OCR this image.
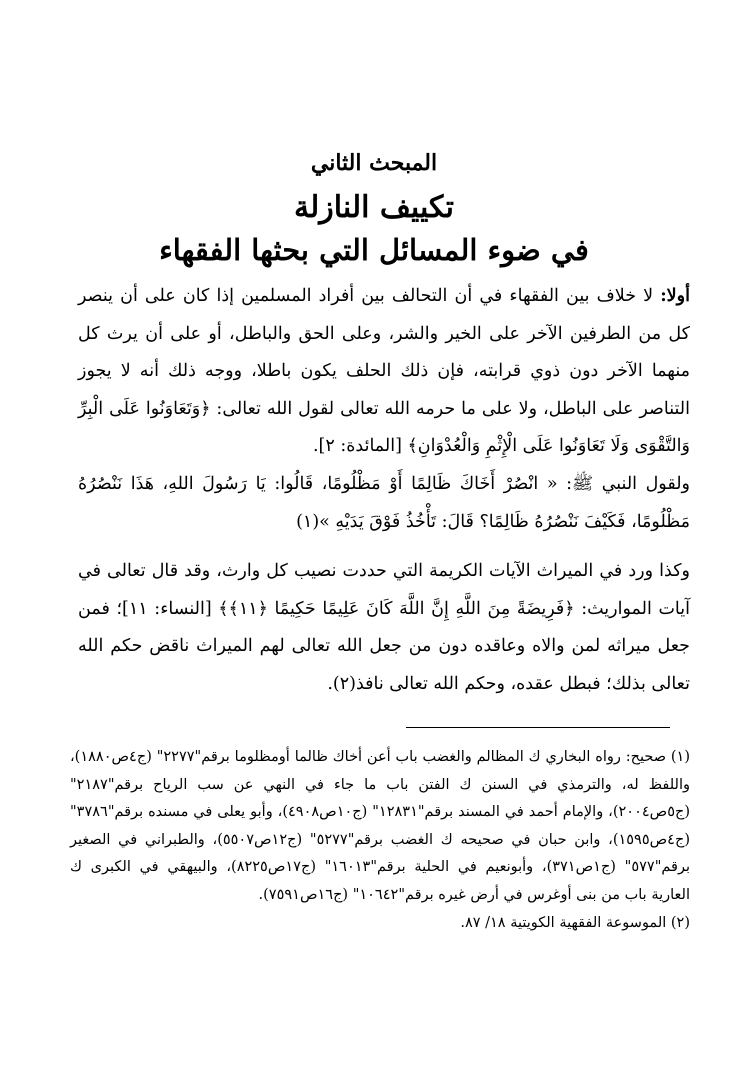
المبحث الثاني
تكييف النازلة
في ضوء المسائل التي بحثها الفقهاء

أولا: لا خلاف بين الفقهاء في أن التحالف بين أفراد المسلمين إذا كان على أن ينصر كل من الطرفين الآخر على الخير والشر، وعلى الحق والباطل، أو على أن يرث كل منهما الآخر دون ذوي قرابته، فإن ذلك الحلف يكون باطلا، ووجه ذلك أنه لا يجوز التناصر على الباطل، ولا على ما حرمه الله تعالى لقول الله تعالى: ﴿وَتَعَاوَنُوا عَلَى الْبِرِّ وَالتَّقْوَى وَلَا تَعَاوَنُوا عَلَى الْإِثْمِ وَالْعُدْوَانِ﴾ [المائدة: ٢].

ولقول النبي ﷺ: « انْصُرْ أَخَاكَ ظَالِمًا أَوْ مَظْلُومًا، قَالُوا: يَا رَسُولَ اللهِ، هَذَا نَنْصُرُهُ مَظْلُومًا، فَكَيْفَ نَنْصُرُهُ ظَالِمًا؟ قَالَ: تَأْخُذُ فَوْقَ يَدَيْهِ »(١)

وكذا ورد في الميراث الآيات الكريمة التي حددت نصيب كل وارث، وقد قال تعالى في آيات المواريث: ﴿فَرِيضَةً مِنَ اللَّهِ إِنَّ اللَّهَ كَانَ عَلِيمًا حَكِيمًا ﴿١١﴾﴾ [النساء: ١١]؛ فمن جعل ميراثه لمن والاه وعاقده دون من جعل الله تعالى لهم الميراث ناقض حكم الله تعالى بذلك؛ فبطل عقده، وحكم الله تعالى نافذ(٢).

(١) صحيح: رواه البخاري ك المظالم والغضب باب أعن أخاك ظالما أومظلوما برقم"٢٢٧٧" (ج٤ص١٨٨٠)، واللفظ له، والترمذي في السنن ك الفتن باب ما جاء في النهي عن سب الرياح برقم"٢١٨٧" (ج٥ص٢٠٠٤)، والإمام أحمد في المسند برقم"١٢٨٣١" (ج١٠ص٤٩٠٨)، وأبو يعلى في مسنده برقم"٣٧٨٦" (ج٤ص١٥٩٥)، وابن حبان في صحيحه ك الغضب برقم"٥٢٧٧" (ج١٢ص٥٥٠٧)، والطبراني في الصغير برقم"٥٧٧" (ج١ص٣٧١)، وأبونعيم في الحلية برقم"١٦٠١٣" (ج١٧ص٨٢٢٥)، والبيهقي في الكبرى ك العارية باب من بنى أوغرس في أرض غيره برقم"١٠٦٤٢" (ج١٦ص٧٥٩١).

(٢) الموسوعة الفقهية الكويتية ١٨/ ٨٧.
